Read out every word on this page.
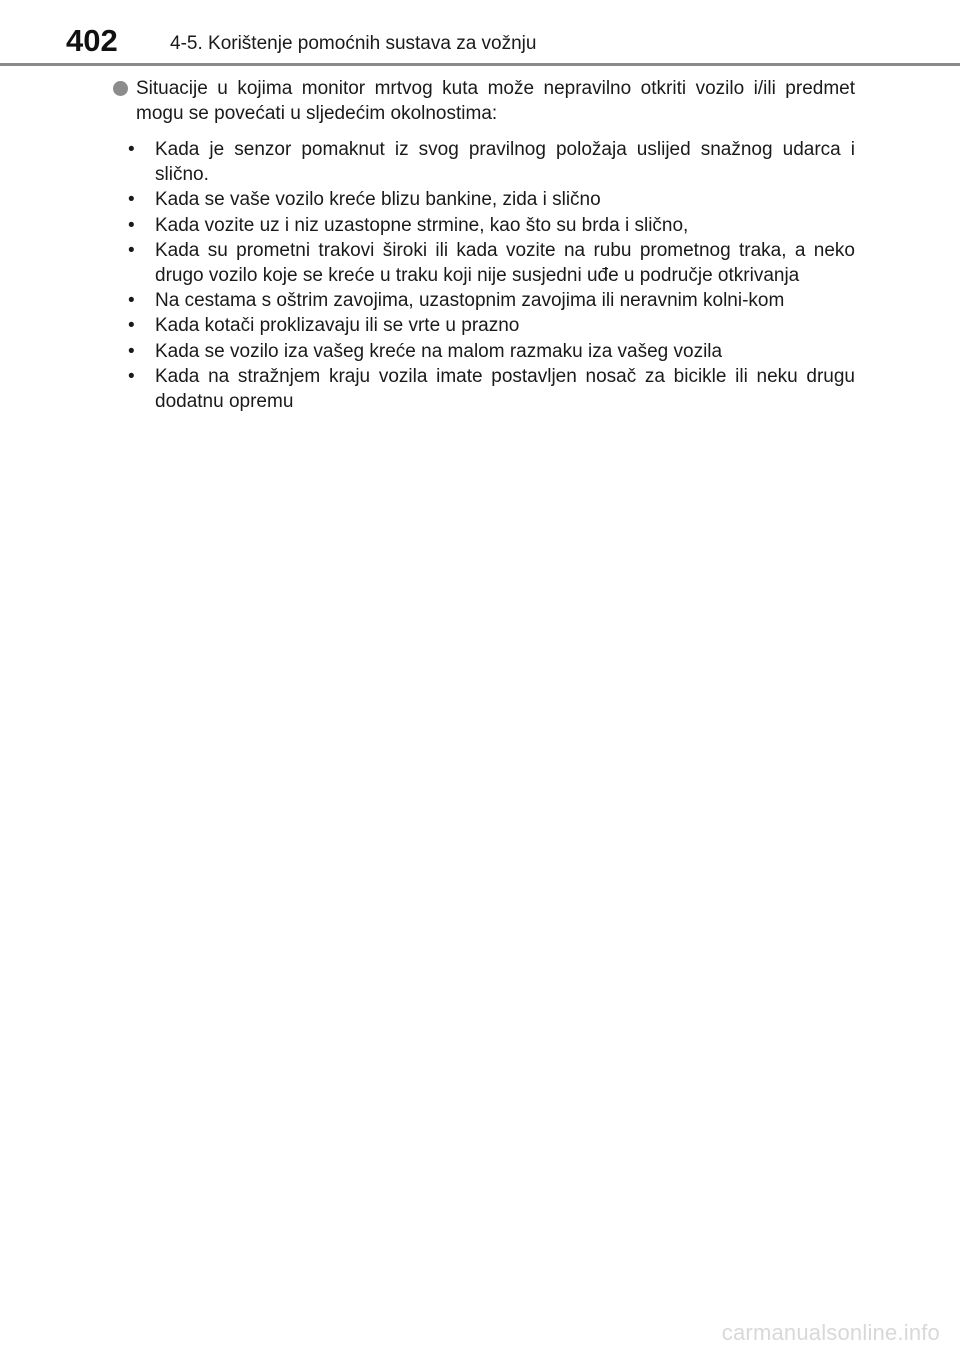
402	4-5. Korištenje pomoćnih sustava za vožnju
Situacije u kojima monitor mrtvog kuta može nepravilno otkriti vozilo i/ili predmet mogu se povećati u sljedećim okolnostima:
•	Kada je senzor pomaknut iz svog pravilnog položaja uslijed snažnog udarca i slično.
•	Kada se vaše vozilo kreće blizu bankine, zida i slično
•	Kada vozite uz i niz uzastopne strmine, kao što su brda i slično,
•	Kada su prometni trakovi široki ili kada vozite na rubu prometnog traka, a neko drugo vozilo koje se kreće u traku koji nije susjedni uđe u područje otkrivanja
•	Na cestama s oštrim zavojima, uzastopnim zavojima ili neravnim kolni-kom
•	Kada kotači proklizavaju ili se vrte u prazno
•	Kada se vozilo iza vašeg kreće na malom razmaku iza vašeg vozila
•	Kada na stražnjem kraju vozila imate postavljen nosač za bicikle ili neku drugu dodatnu opremu
carmanualsonline.info
